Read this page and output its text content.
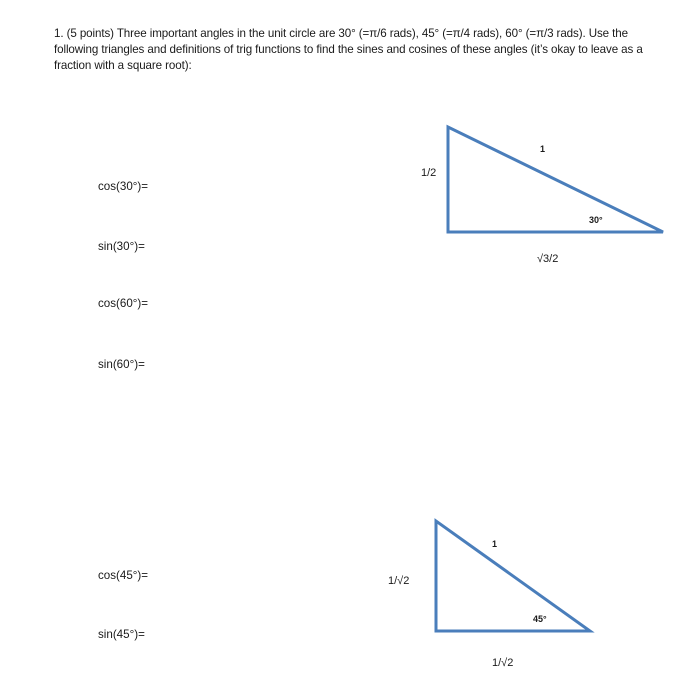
1. (5 points) Three important angles in the unit circle are 30° (=π/6 rads), 45° (=π/4 rads), 60° (=π/3 rads). Use the following triangles and definitions of trig functions to find the sines and cosines of these angles (it’s okay to leave as a fraction with a square root):
cos(30°)=
sin(30°)=
cos(60°)=
sin(60°)=
cos(45°)=
sin(45°)=
1
1/2
√3/2
30°
1
1/√2
1/√2
45°
